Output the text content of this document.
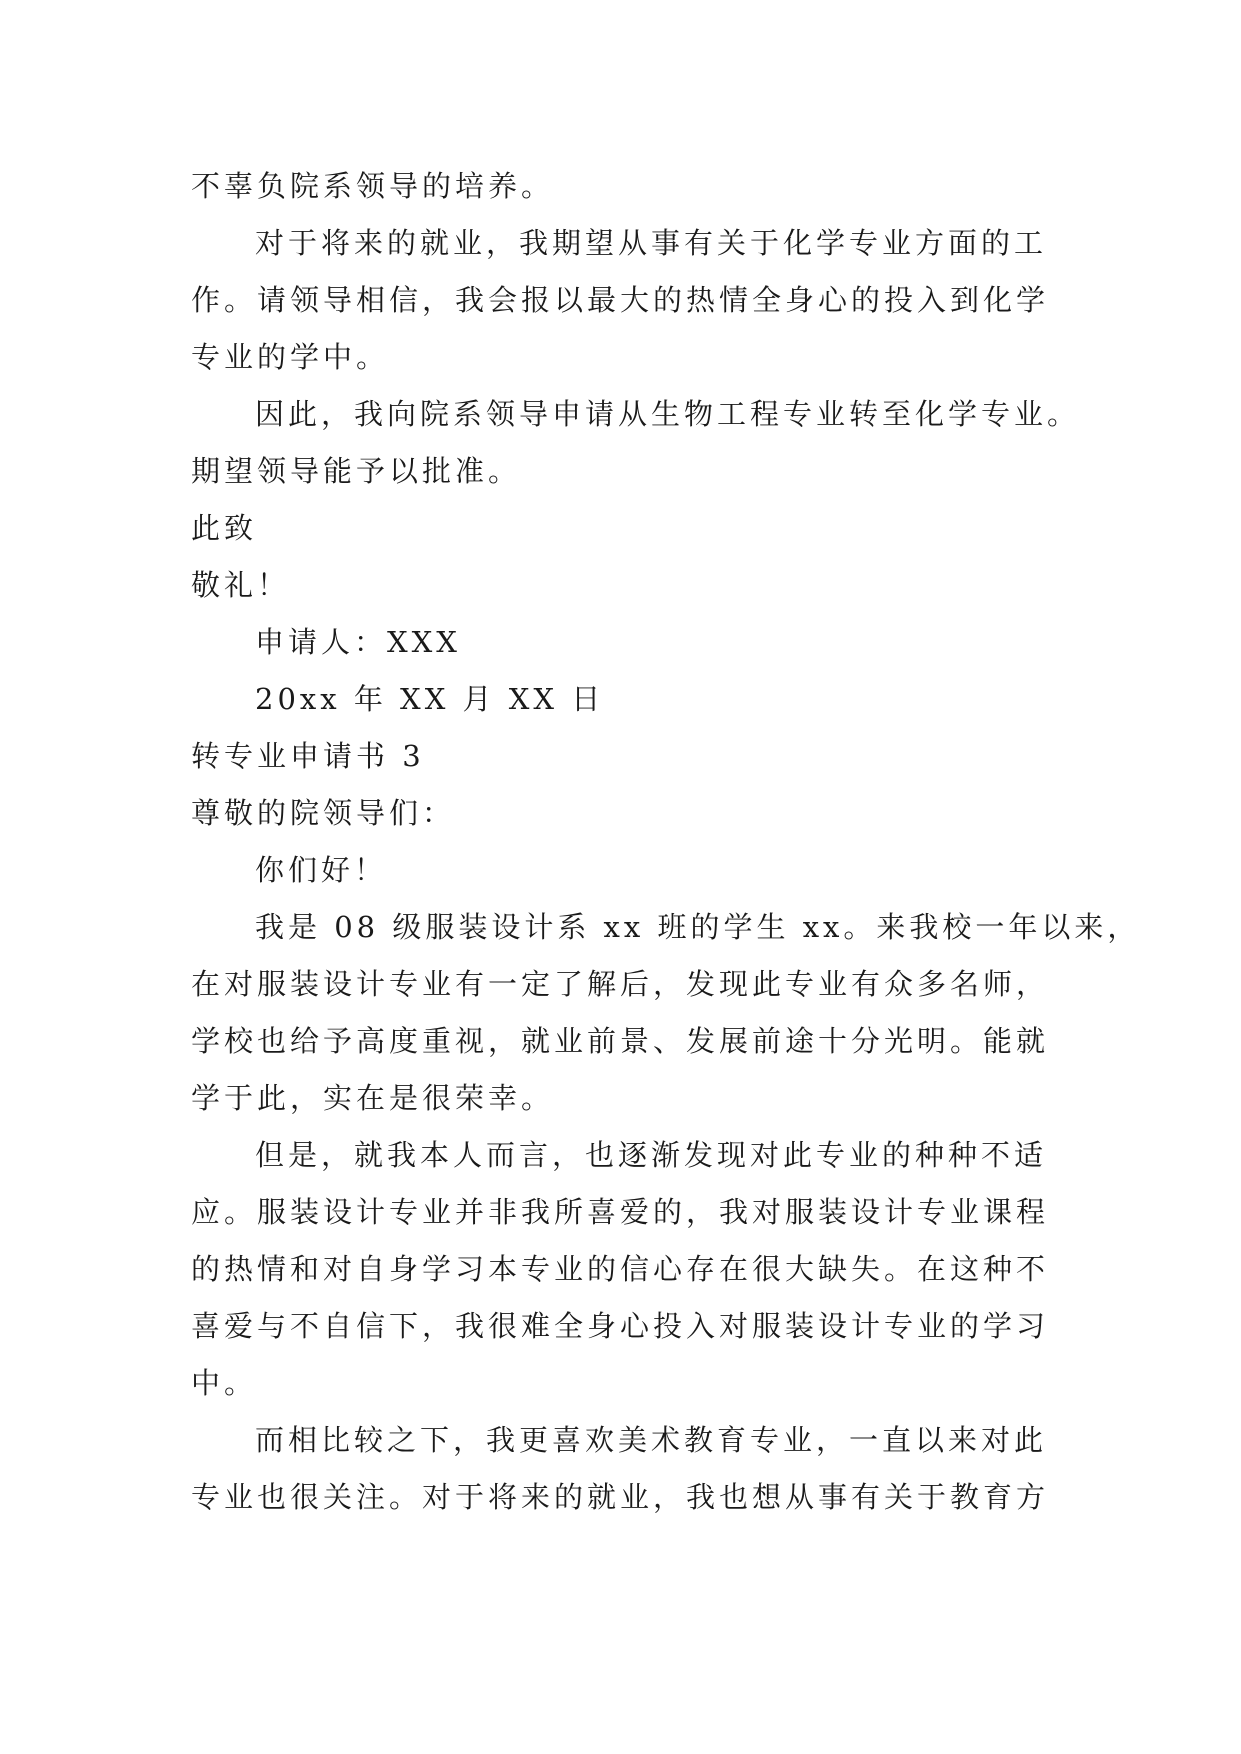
不辜负院系领导的培养。

对于将来的就业，我期望从事有关于化学专业方面的工

作。请领导相信，我会报以最大的热情全身心的投入到化学

专业的学中。

因此，我向院系领导申请从生物工程专业转至化学专业。

期望领导能予以批准。

此致

敬礼！

申请人：XXX

20xx 年 XX 月 XX 日

转专业申请书 3

尊敬的院领导们：

你们好！

我是 08 级服装设计系 xx 班的学生 xx。来我校一年以来，

在对服装设计专业有一定了解后，发现此专业有众多名师，

学校也给予高度重视，就业前景、发展前途十分光明。能就

学于此，实在是很荣幸。

但是，就我本人而言，也逐渐发现对此专业的种种不适

应。服装设计专业并非我所喜爱的，我对服装设计专业课程

的热情和对自身学习本专业的信心存在很大缺失。在这种不

喜爱与不自信下，我很难全身心投入对服装设计专业的学习

中。

而相比较之下，我更喜欢美术教育专业，一直以来对此

专业也很关注。对于将来的就业，我也想从事有关于教育方
